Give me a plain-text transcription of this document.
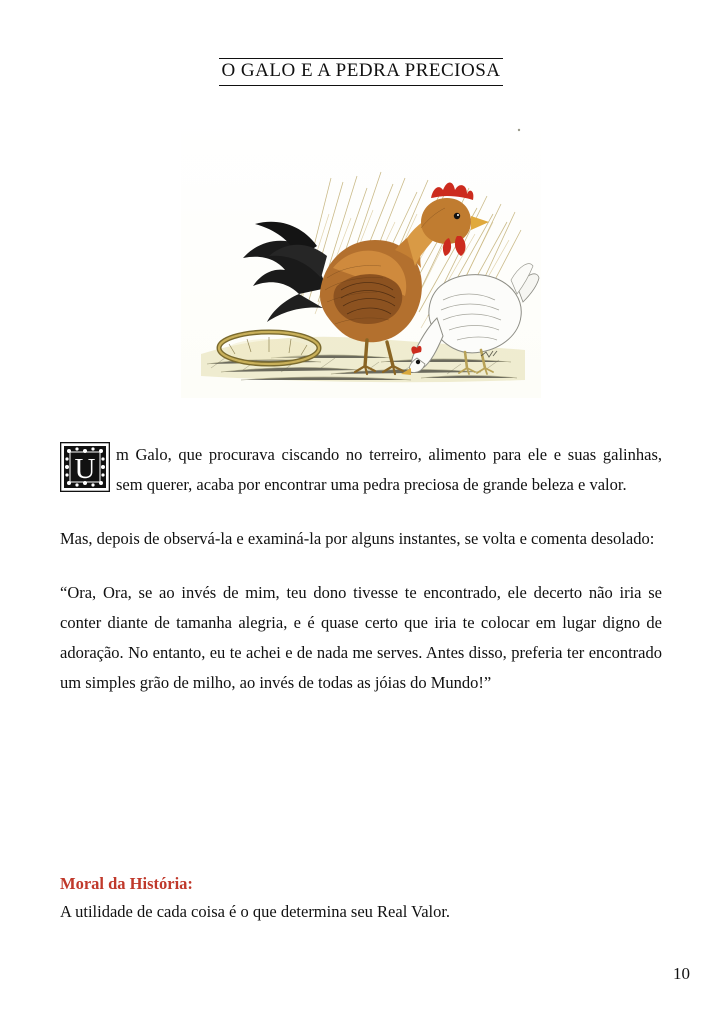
O GALO E A PEDRA PRECIOSA

U m Galo, que procurava ciscando no terreiro, alimento para ele e suas galinhas, sem querer, acaba por encontrar uma pedra preciosa de grande beleza e valor.

Mas, depois de observá-la e examiná-la por alguns instantes, se volta e comenta desolado:

“Ora, Ora, se ao invés de mim, teu dono tivesse te encontrado, ele decerto não iria se conter diante de tamanha alegria, e é quase certo que iria te colocar em lugar digno de adoração. No entanto, eu te achei e de nada me serves. Antes disso, preferia ter encontrado um simples grão de milho, ao invés de todas as jóias do Mundo!”

Moral da História:
A utilidade de cada coisa é o que determina seu Real Valor.
10
